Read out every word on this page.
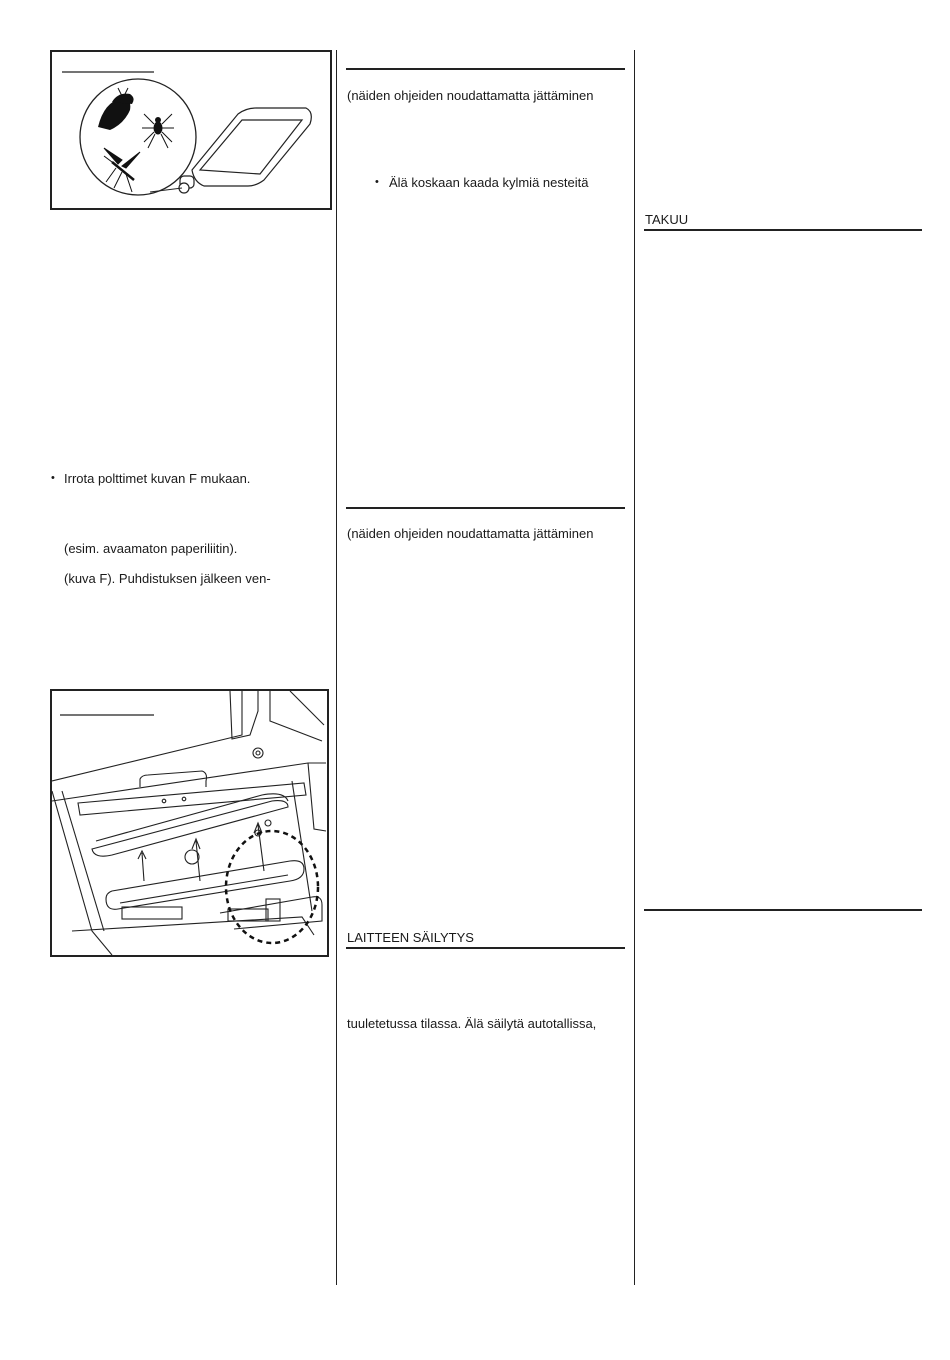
• Irrota polttimet kuvan F mukaan.
(esim. avaamaton paperiliitin).
(kuva F). Puhdistuksen jälkeen ven-
(näiden ohjeiden noudattamatta jättäminen
• Älä koskaan kaada kylmiä nesteitä
(näiden ohjeiden noudattamatta jättäminen
LAITTEEN SÄILYTYS
tuuletetussa tilassa. Älä säilytä autotallissa,
TAKUU
